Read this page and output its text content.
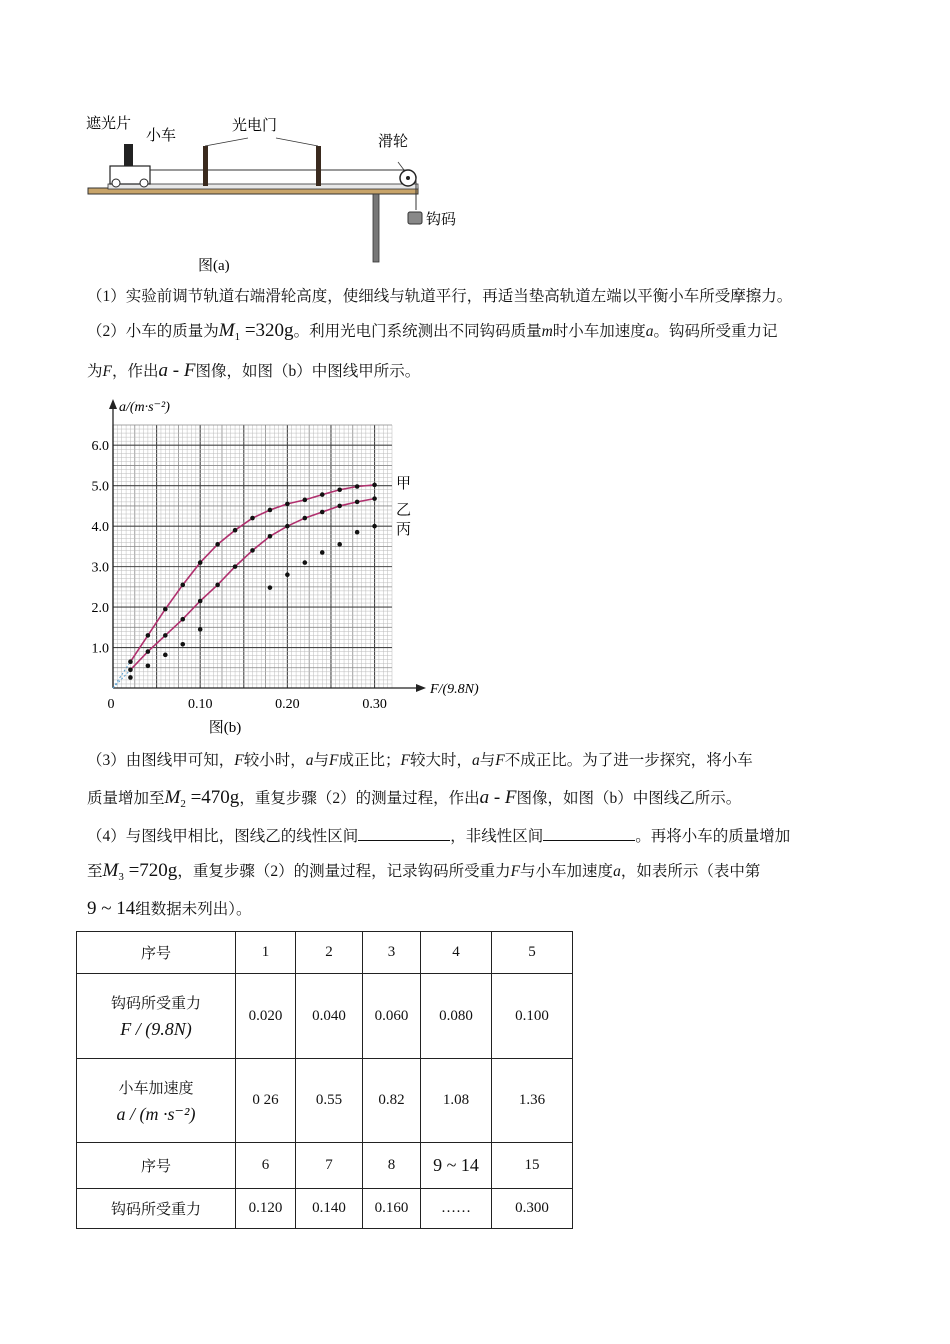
遮光片
小车
光电门
滑轮
钩码
图(a)
（1）实验前调节轨道右端滑轮高度，使细线与轨道平行，再适当垫高轨道左端以平衡小车所受摩擦力。
（2）小车的质量为$M_1 =320g$。利用光电门系统测出不同钩码质量m时小车加速度a。钩码所受重力记
为F，作出a - F图像，如图（b）中图线甲所示。
0.10	0.20	0.30
1.0
2.0
3.0
4.0
5.0
6.0
0
a/(m·s⁻²)
F/(9.8N)
甲
乙
丙
图(b)
（3）由图线甲可知，F较小时，a与F成正比；F较大时，a与F不成正比。为了进一步探究，将小车
质量增加至$M_2 =470g$，重复步骤（2）的测量过程，作出a - F图像，如图（b）中图线乙所示。
（4）与图线甲相比，图线乙的线性区间	，非线性区间	。再将小车的质量增加
至$M_3 =720g$，重复步骤（2）的测量过程，记录钩码所受重力F与小车加速度a，如表所示（表中第
9 ~ 14组数据未列出）。
序号	1	2	3	4	5

钩码所受重力
F / (9.8N)	0.020	0.040	0.060	0.080	0.100

小车加速度
a / (m ·s⁻²)	0 26	0.55	0.82	1.08	1.36
序号	6	7	8	9 ~ 14	15
钩码所受重力	0.120	0.140	0.160	……	0.300
